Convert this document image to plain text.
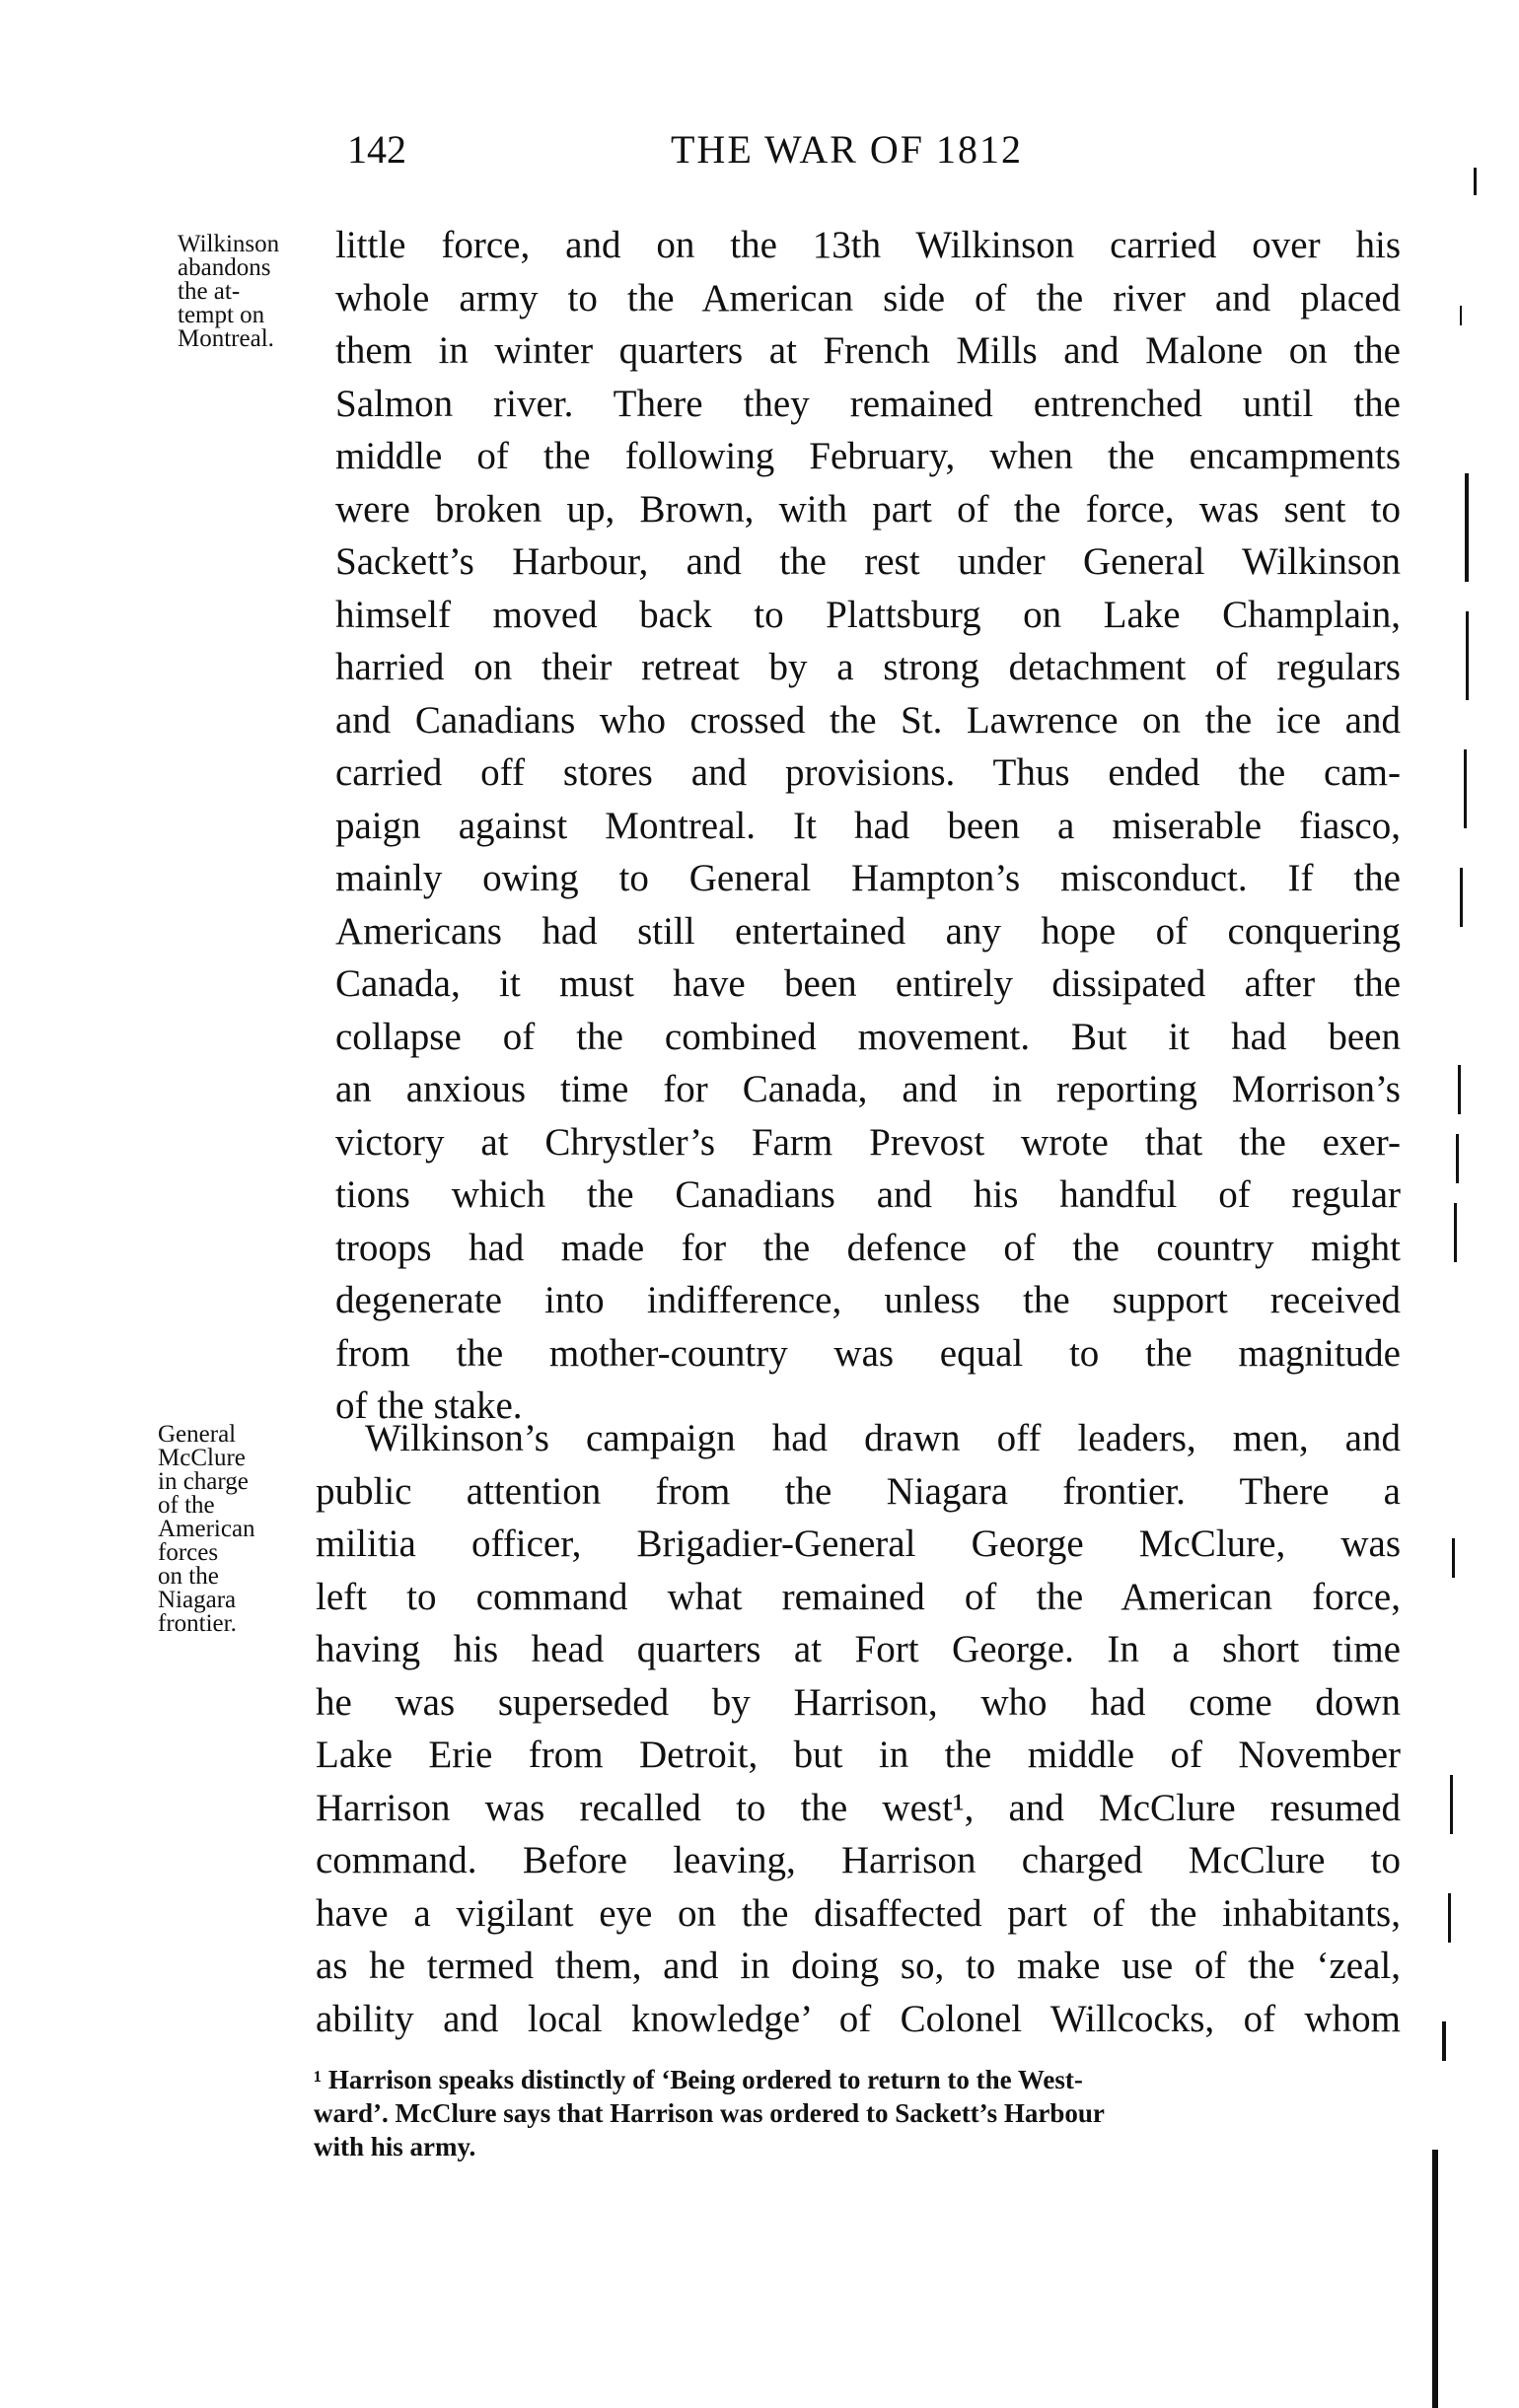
142	THE WAR OF 1812
Wilkinson
abandons
the at-
tempt on
Montreal.
General
McClure
in charge
of the
American
forces
on the
Niagara
frontier.
little force, and on the 13th Wilkinson carried over his
whole army to the American side of the river and placed
them in winter quarters at French Mills and Malone on the
Salmon river. There they remained entrenched until the
middle of the following February, when the encampments
were broken up, Brown, with part of the force, was sent to
Sackett’s Harbour, and the rest under General Wilkinson
himself moved back to Plattsburg on Lake Champlain,
harried on their retreat by a strong detachment of regulars
and Canadians who crossed the St. Lawrence on the ice and
carried off stores and provisions. Thus ended the cam-
paign against Montreal. It had been a miserable fiasco,
mainly owing to General Hampton’s misconduct. If the
Americans had still entertained any hope of conquering
Canada, it must have been entirely dissipated after the
collapse of the combined movement. But it had been
an anxious time for Canada, and in reporting Morrison’s
victory at Chrystler’s Farm Prevost wrote that the exer-
tions which the Canadians and his handful of regular
troops had made for the defence of the country might
degenerate into indifference, unless the support received
from the mother-country was equal to the magnitude
of the stake.
Wilkinson’s campaign had drawn off leaders, men, and
public attention from the Niagara frontier. There a
militia officer, Brigadier-General George McClure, was
left to command what remained of the American force,
having his head quarters at Fort George. In a short time
he was superseded by Harrison, who had come down
Lake Erie from Detroit, but in the middle of November
Harrison was recalled to the west¹, and McClure resumed
command. Before leaving, Harrison charged McClure to
have a vigilant eye on the disaffected part of the inhabitants,
as he termed them, and in doing so, to make use of the ‘zeal,
ability and local knowledge’ of Colonel Willcocks, of whom
¹ Harrison speaks distinctly of ‘Being ordered to return to the West-
ward’. McClure says that Harrison was ordered to Sackett’s Harbour
with his army.
